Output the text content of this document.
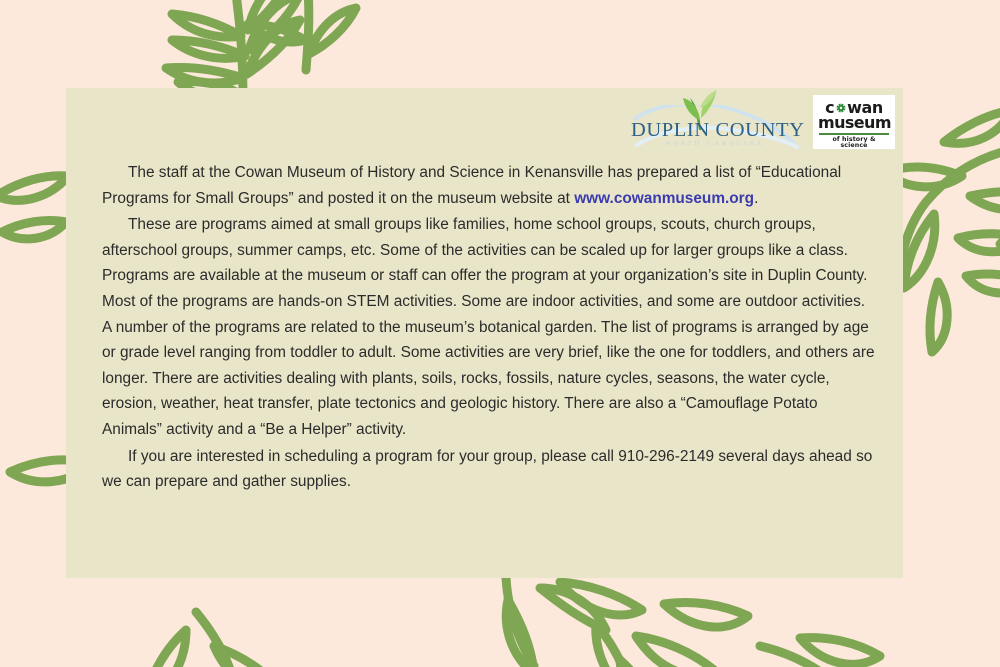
DUPLIN COUNTY
NORTH CAROLINA
c wan
museum
of history & science

The staff at the Cowan Museum of History and Science in Kenansville has prepared a list of “Educational Programs for Small Groups” and posted it on the museum website at www.cowanmuseum.org.

These are programs aimed at small groups like families, home school groups, scouts, church groups, afterschool groups, summer camps, etc. Some of the activities can be scaled up for larger groups like a class. Programs are available at the museum or staff can offer the program at your organization’s site in Duplin County. Most of the programs are hands-on STEM activities. Some are indoor activities, and some are outdoor activities. A number of the programs are related to the museum’s botanical garden. The list of programs is arranged by age or grade level ranging from toddler to adult. Some activities are very brief, like the one for toddlers, and others are longer. There are activities dealing with plants, soils, rocks, fossils, nature cycles, seasons, the water cycle, erosion, weather, heat transfer, plate tectonics and geologic history. There are also a “Camouflage Potato Animals” activity and a “Be a Helper” activity.

If you are interested in scheduling a program for your group, please call 910-296-2149 several days ahead so we can prepare and gather supplies.
